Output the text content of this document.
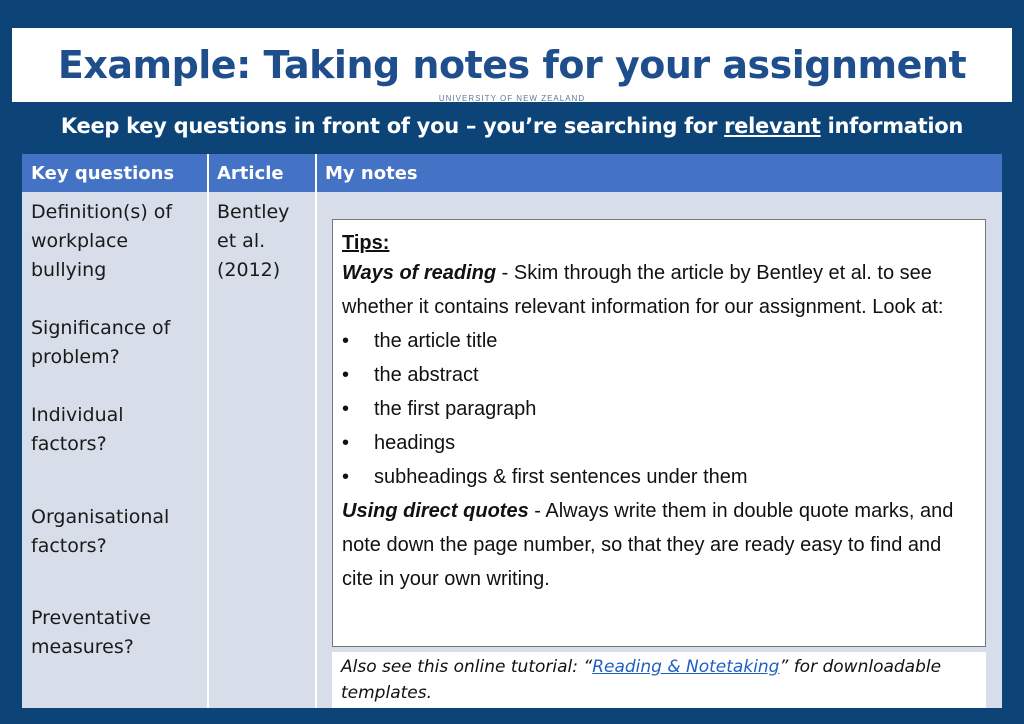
Example: Taking notes for your assignment
UNIVERSITY OF NEW ZEALAND
Keep key questions in front of you – you’re searching for relevant information
Key questions	Article	My notes
Definition(s) of
workplace
bullying
Significance of
problem?
Individual
factors?
Organisational
factors?
Preventative
measures?
Bentley
et al.
(2012)
Tips:
Ways of reading - Skim through the article by Bentley et al. to see whether it contains relevant information for our assignment. Look at:
• the article title
• the abstract
• the first paragraph
• headings
• subheadings & first sentences under them
Using direct quotes - Always write them in double quote marks, and note down the page number, so that they are ready easy to find and cite in your own writing.
Also see this online tutorial: “Reading & Notetaking” for downloadable templates.
